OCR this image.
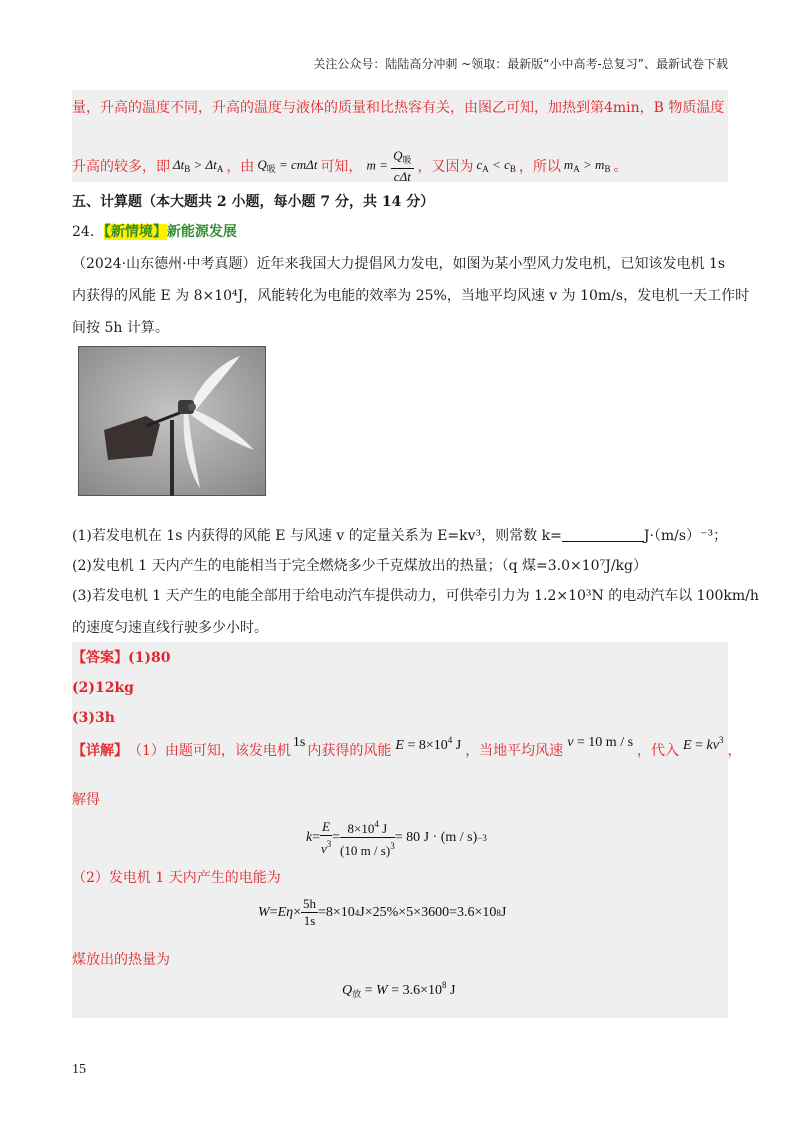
关注公众号：陆陆高分冲刺 ~领取：最新版“小中高考-总复习”、最新试卷下载
量，升高的温度不同，升高的温度与液体的质量和比热容有关，由图乙可知，加热到第4min，B 物质温度
升高的较多，即 $\Delta t_B > \Delta t_A$ ，由 $Q_吸 = cm\Delta t$ 可知， $m = \frac{Q_吸}{\text{cΔt}}$ ，又因为 $c_A < c_B$ ，所以 $m_A > m_B$ 。
五、计算题（本大题共 2 小题，每小题 7 分，共 14 分）
24．【新情境】新能源发展
（2024·山东德州·中考真题）近年来我国大力提倡风力发电，如图为某小型风力发电机，已知该发电机 1s
内获得的风能 E 为 8×10⁴J，风能转化为电能的效率为 25%，当地平均风速 v 为 10m/s，发电机一天工作时
间按 5h 计算。
(1)若发电机在 1s 内获得的风能 E 与风速 v 的定量关系为 E=kv³，则常数 k=	J·（m/s）⁻³；
(2)发电机 1 天内产生的电能相当于完全燃烧多少千克煤放出的热量；（q 煤=3.0×10⁷J/kg）
(3)若发电机 1 天产生的电能全部用于给电动汽车提供动力，可供牵引力为 1.2×10³N 的电动汽车以 100km/h
的速度匀速直线行驶多少小时。
【答案】(1)80
(2)12kg
(3)3h
【详解】 （1）由题可知，该发电机
1s
内获得的风能 $E = 8\times 10^4$ J ，当地平均风速
v = 10 m / s
，代入 $E = kv^3$
，
解得
$k = \frac{E}{v^3} = \frac{8\times 10^4 J}{(10 m / s)^3} = 80$ J · (m / s) −3
（2）发电机 1 天内产生的电能为
$W = E\eta \times \frac{5h}{1s} =8\times 10$ 4 J×25%×5×3600=3.6×10 8 J
煤放出的热量为
$Q_放 = W = 3.6\times 10^8$ J
15
